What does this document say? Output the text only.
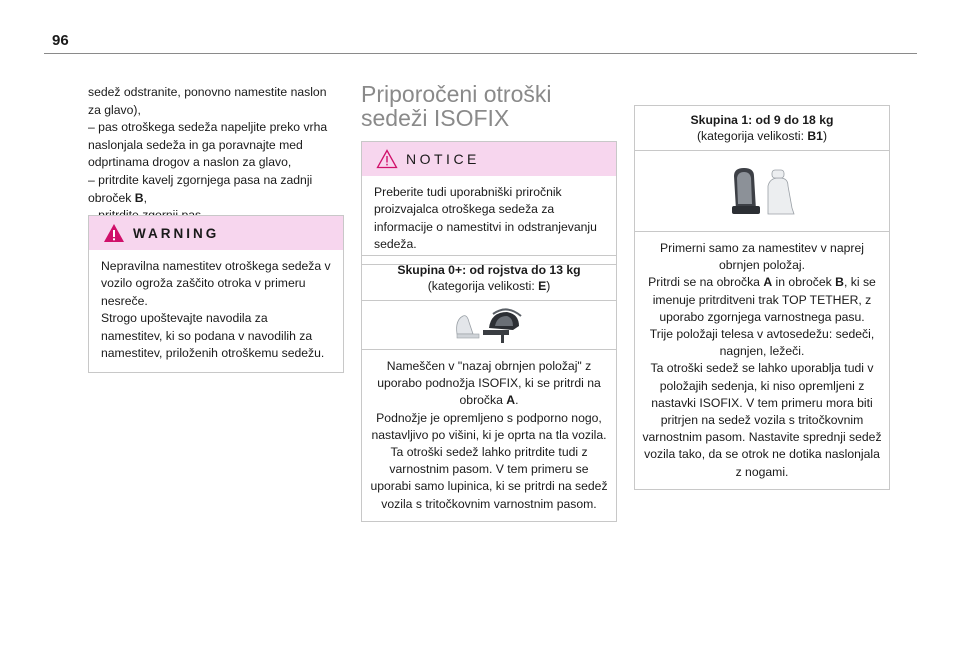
96

sedež odstranite, ponovno namestite naslon za glavo),

– pas otroškega sedeža napeljite preko vrha naslonjala sedeža in ga poravnajte med odprtinama drogov a naslon za glavo,

– pritrdite kavelj zgornjega pasa na zadnji obroček B,

WARNING

Nepravilna namestitev otroškega sedeža v vozilo ogroža zaščito otroka v primeru nesreče.

Strogo upoštevajte navodila za namestitev, ki so podana v navodilih za namestitev, priloženih otroškemu sedežu.

Priporočeni otroški sedeži ISOFIX
NOTICE

Preberite tudi uporabniški priročnik proizvajalca otroškega sedeža za informacije o namestitvi in odstranjevanju sedeža.

Skupina 0+: od rojstva do 13 kg
(kategorija velikosti: E)

Nameščen v "nazaj obrnjen položaj" z uporabo podnožja ISOFIX, ki se pritrdi na obročka A.

Podnožje je opremljeno s podporno nogo, nastavljivo po višini, ki je oprta na tla vozila.

Ta otroški sedež lahko pritrdite tudi z varnostnim pasom. V tem primeru se uporabi samo lupinica, ki se pritrdi na sedež vozila s tritočkovnim varnostnim pasom.

Skupina 1: od 9 do 18 kg
(kategorija velikosti: B1)

Primerni samo za namestitev v naprej obrnjen položaj.

Pritrdi se na obročka A in obroček B, ki se imenuje pritrditveni trak TOP TETHER, z uporabo zgornjega varnostnega pasu.

Trije položaji telesa v avtosedežu: sedeči, nagnjen, ležeči.

Ta otroški sedež se lahko uporablja tudi v položajih sedenja, ki niso opremljeni z nastavki ISOFIX. V tem primeru mora biti pritrjen na sedež vozila s tritočkovnim varnostnim pasom. Nastavite sprednji sedež vozila tako, da se otrok ne dotika naslonjala z nogami.
